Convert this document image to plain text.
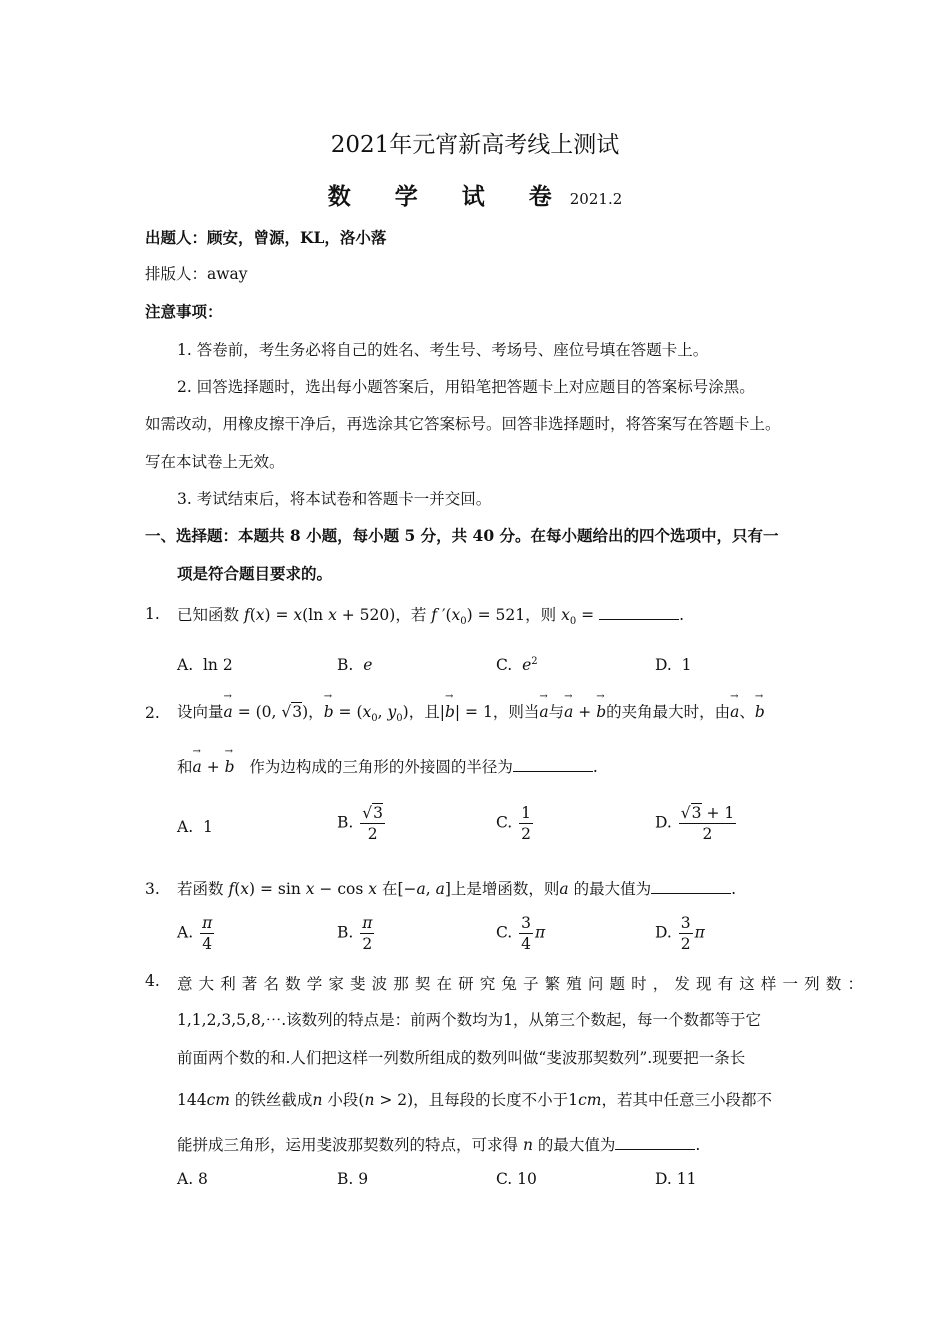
2021年元宵新高考线上测试
数 学 试 卷2021.2
出题人：顾安，曾源，KL，洛小落
排版人：away
注意事项：
1. 答卷前，考生务必将自己的姓名、考生号、考场号、座位号填在答题卡上。
2. 回答选择题时，选出每小题答案后，用铅笔把答题卡上对应题目的答案标号涂黑。
如需改动，用橡皮擦干净后，再选涂其它答案标号。回答非选择题时，将答案写在答题卡上。
写在本试卷上无效。
3. 考试结束后，将本试卷和答题卡一并交回。
一、选择题：本题共 8 小题，每小题 5 分，共 40 分。在每小题给出的四个选项中，只有一
项是符合题目要求的。
1. 已知函数 f(x) = x(ln x + 520)，若 f $'(x_0) = 521$，则 $x_0$ =	.
A.  ln 2	B. e	C. $e^2$	D.  1
2. 设向量→ a = (0, √3)，→ $b = (x_0$, $y_0$)，且|→ b| = 1，则当→ a与→ a + → b的夹角最大时，由→ a、→ b
和→ a + → b 作为边构成的三角形的外接圆的半径为	.
A.  1	B. $\frac{√3}{2}$	C. $\frac{1}{2}$	D. $\frac{√3 + 1}{2}$
3. 若函数 f(x) = sin x − cos x 在[−a, a]上是增函数，则a 的最大值为	.
A. $\frac{\pi}{4}$	B. $\frac{\pi}{2}$	C. $\frac{3}{4}$ π	D. $\frac{3}{2}$ π
4. 意 大 利 著 名 数 学 家 斐 波 那 契 在 研 究 兔 子 繁 殖 问 题 时 ， 发 现 有 这 样 一 列 数 ：
1,1,2,3,5,8,⋯.该数列的特点是：前两个数均为1，从第三个数起，每一个数都等于它
前面两个数的和.人们把这样一列数所组成的数列叫做“斐波那契数列”.现要把一条长
144cm 的铁丝截成n 小段(n > 2)，且每段的长度不小于1cm，若其中任意三小段都不
能拼成三角形，运用斐波那契数列的特点，可求得 n 的最大值为	.
A. 8	B. 9	C. 10	D. 11
